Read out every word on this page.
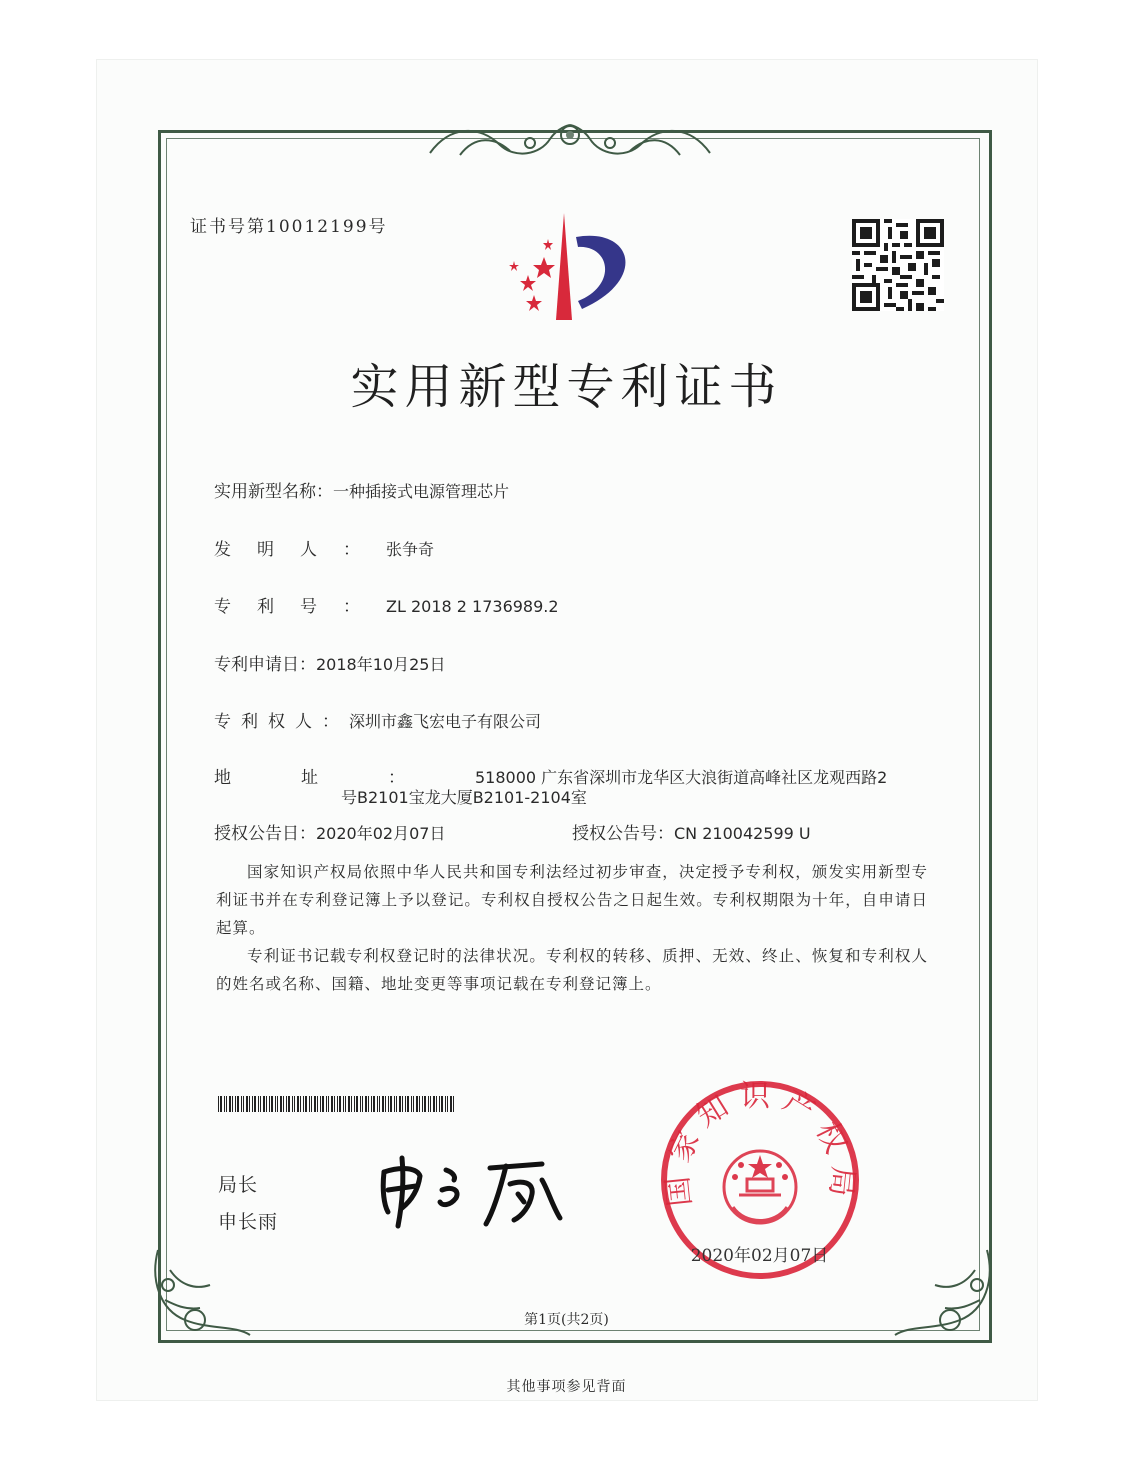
证书号第10012199号
实用新型专利证书
实用新型名称：一种插接式电源管理芯片
发明人：张争奇
专利号：ZL 2018 2 1736989.2
专利申请日：2018年10月25日
专利权人：深圳市鑫飞宏电子有限公司
地址：518000 广东省深圳市龙华区大浪街道高峰社区龙观西路2
号B2101宝龙大厦B2101-2104室
授权公告日：2020年02月07日	授权公告号：CN 210042599 U
国家知识产权局依照中华人民共和国专利法经过初步审查，决定授予专利权，颁发实用新型专利证书并在专利登记簿上予以登记。专利权自授权公告之日起生效。专利权期限为十年，自申请日起算。
专利证书记载专利权登记时的法律状况。专利权的转移、质押、无效、终止、恢复和专利权人的姓名或名称、国籍、地址变更等事项记载在专利登记簿上。
局长
申长雨
国家知识产权局
2020年02月07日
第1页(共2页)
其他事项参见背面
